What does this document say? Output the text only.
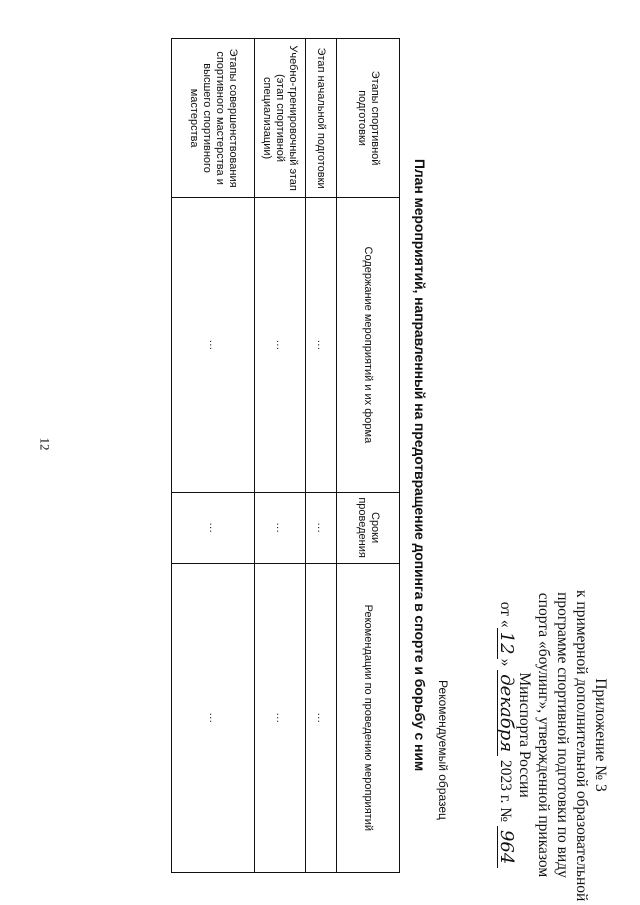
12
Приложение № 3
к примерной дополнительной образовательной
программе спортивной подготовки по виду
спорта «боулинг», утвержденной приказом
Минспорта России
от «12» декабря 2023 г. № 964
Рекомендуемый образец
План мероприятий, направленный на предотвращение допинга в спорте и борьбу с ним
Этапы спортивной подготовки	Содержание мероприятий и их форма	Сроки проведения	Рекомендации по проведению мероприятий
Этап начальной подготовки	…	…	…
Учебно-тренировочный этап (этап спортивной специализации)	…	…	…
Этапы совершенствования спортивного мастерства и высшего спортивного мастерства	…	…	…
